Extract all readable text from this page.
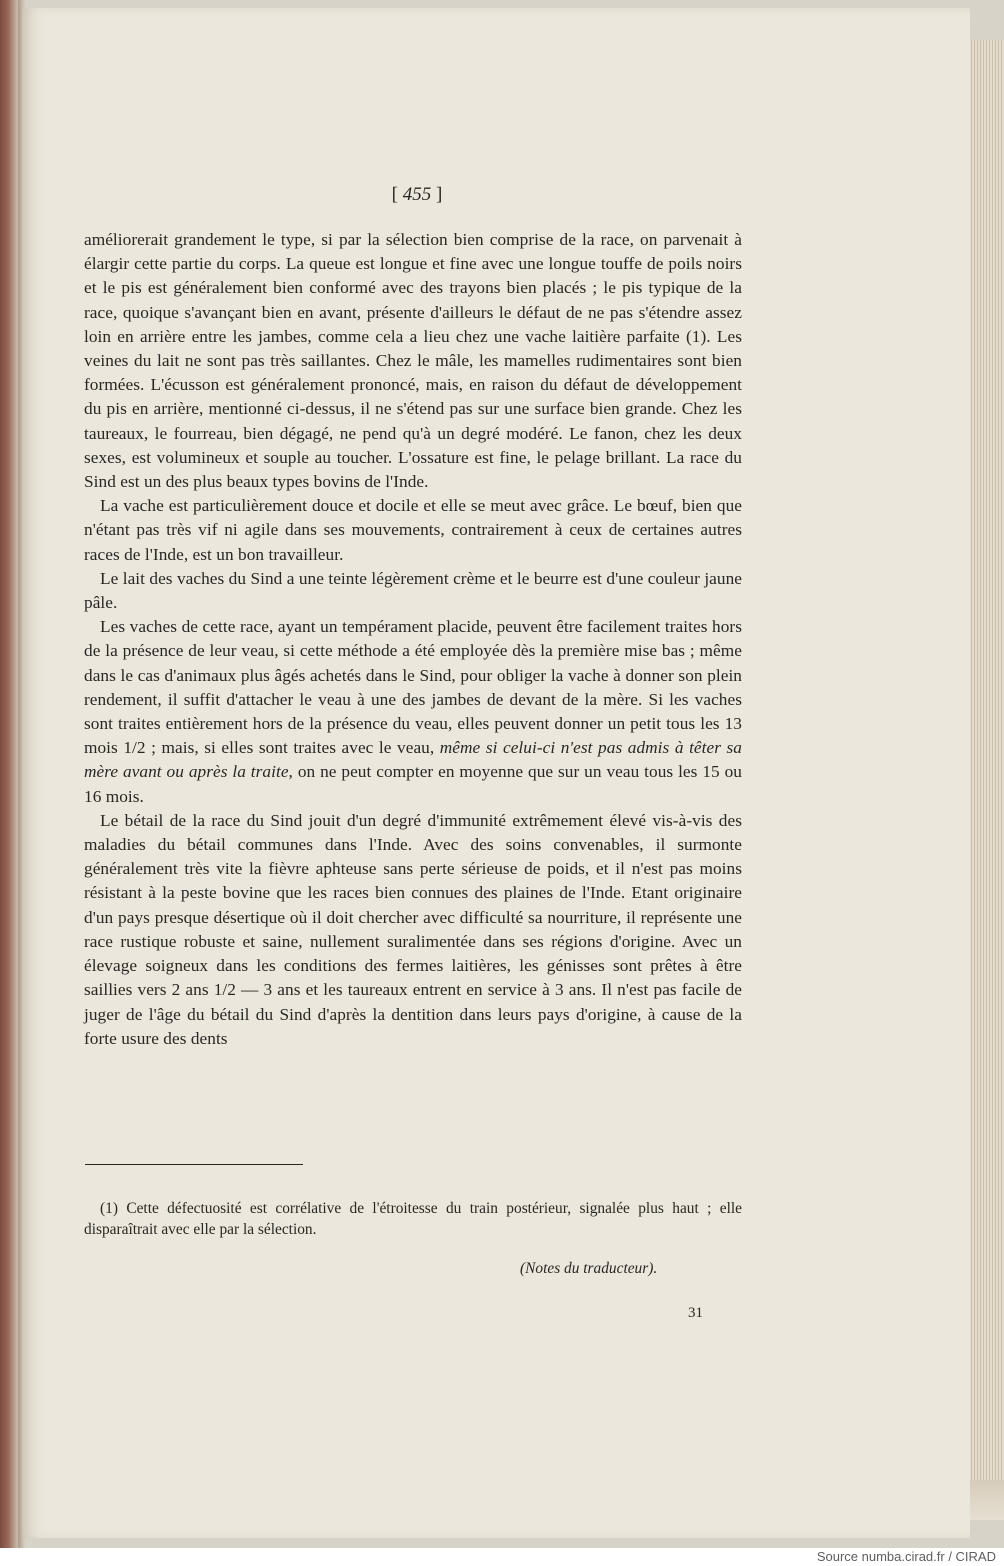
[ 455 ]

améliorerait grandement le type, si par la sélection bien comprise de la race, on parvenait à élargir cette partie du corps. La queue est longue et fine avec une longue touffe de poils noirs et le pis est généralement bien conformé avec des trayons bien placés ; le pis typique de la race, quoique s'avançant bien en avant, présente d'ailleurs le défaut de ne pas s'étendre assez loin en arrière entre les jambes, comme cela a lieu chez une vache laitière parfaite (1). Les veines du lait ne sont pas très saillantes. Chez le mâle, les mamelles rudimentaires sont bien formées. L'écusson est généralement prononcé, mais, en raison du défaut de développement du pis en arrière, mentionné ci-dessus, il ne s'étend pas sur une surface bien grande. Chez les taureaux, le fourreau, bien dégagé, ne pend qu'à un degré modéré. Le fanon, chez les deux sexes, est volumineux et souple au toucher. L'ossature est fine, le pelage brillant. La race du Sind est un des plus beaux types bovins de l'Inde.

La vache est particulièrement douce et docile et elle se meut avec grâce. Le bœuf, bien que n'étant pas très vif ni agile dans ses mouvements, contrairement à ceux de certaines autres races de l'Inde, est un bon travailleur.

Le lait des vaches du Sind a une teinte légèrement crème et le beurre est d'une couleur jaune pâle.

Les vaches de cette race, ayant un tempérament placide, peuvent être facilement traites hors de la présence de leur veau, si cette méthode a été employée dès la première mise bas ; même dans le cas d'animaux plus âgés achetés dans le Sind, pour obliger la vache à donner son plein rendement, il suffit d'attacher le veau à une des jambes de devant de la mère. Si les vaches sont traites entièrement hors de la présence du veau, elles peuvent donner un petit tous les 13 mois 1/2 ; mais, si elles sont traites avec le veau, même si celui-ci n'est pas admis à têter sa mère avant ou après la traite, on ne peut compter en moyenne que sur un veau tous les 15 ou 16 mois.

Le bétail de la race du Sind jouit d'un degré d'immunité extrêmement élevé vis-à-vis des maladies du bétail communes dans l'Inde. Avec des soins convenables, il surmonte généralement très vite la fièvre aphteuse sans perte sérieuse de poids, et il n'est pas moins résistant à la peste bovine que les races bien connues des plaines de l'Inde. Etant originaire d'un pays presque désertique où il doit chercher avec difficulté sa nourriture, il représente une race rustique robuste et saine, nullement suralimentée dans ses régions d'origine. Avec un élevage soigneux dans les conditions des fermes laitières, les génisses sont prêtes à être saillies vers 2 ans 1/2 — 3 ans et les taureaux entrent en service à 3 ans. Il n'est pas facile de juger de l'âge du bétail du Sind d'après la dentition dans leurs pays d'origine, à cause de la forte usure des dents

(1) Cette défectuosité est corrélative de l'étroitesse du train postérieur, signalée plus haut ; elle disparaîtrait avec elle par la sélection.

(Notes du traducteur).
31
Source numba.cirad.fr / CIRAD
